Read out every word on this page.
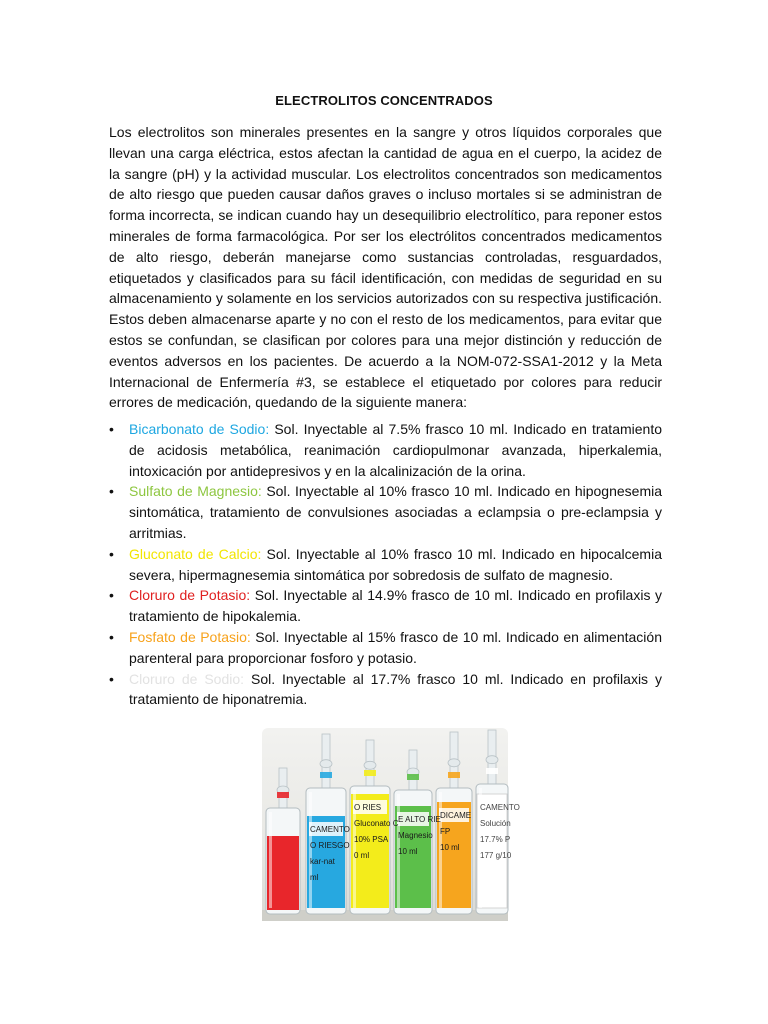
ELECTROLITOS CONCENTRADOS

Los electrolitos son minerales presentes en la sangre y otros líquidos corporales que llevan una carga eléctrica, estos afectan la cantidad de agua en el cuerpo, la acidez de la sangre (pH) y la actividad muscular. Los electrolitos concentrados son medicamentos de alto riesgo que pueden causar daños graves o incluso mortales si se administran de forma incorrecta, se indican cuando hay un desequilibrio electrolítico, para reponer estos minerales de forma farmacológica. Por ser los electrólitos concentrados medicamentos de alto riesgo, deberán manejarse como sustancias controladas, resguardados, etiquetados y clasificados para su fácil identificación, con medidas de seguridad en su almacenamiento y solamente en los servicios autorizados con su respectiva justificación. Estos deben almacenarse aparte y no con el resto de los medicamentos, para evitar que estos se confundan, se clasifican por colores para una mejor distinción y reducción de eventos adversos en los pacientes. De acuerdo a la NOM-072-SSA1-2012 y la Meta Internacional de Enfermería #3, se establece el etiquetado por colores para reducir errores de medicación, quedando de la siguiente manera:

• Bicarbonato de Sodio: Sol. Inyectable al 7.5% frasco 10 ml. Indicado en tratamiento de acidosis metabólica, reanimación cardiopulmonar avanzada, hiperkalemia, intoxicación por antidepresivos y en la alcalinización de la orina.
• Sulfato de Magnesio: Sol. Inyectable al 10% frasco 10 ml. Indicado en hipognesemia sintomática, tratamiento de convulsiones asociadas a eclampsia o pre-eclampsia y arritmias.
• Gluconato de Calcio: Sol. Inyectable al 10% frasco 10 ml. Indicado en hipocalcemia severa, hipermagnesemia sintomática por sobredosis de sulfato de magnesio.
• Cloruro de Potasio: Sol. Inyectable al 14.9% frasco de 10 ml. Indicado en profilaxis y tratamiento de hipokalemia.
• Fosfato de Potasio: Sol. Inyectable al 15% frasco de 10 ml. Indicado en alimentación parenteral para proporcionar fosforo y potasio.
• Cloruro de Sodio: Sol. Inyectable al 17.7% frasco 10 ml. Indicado en profilaxis y tratamiento de hiponatremia.
CAMENTO
O RIESGO
kar-nat
ml
O RIES
Gluconato C
10% PSA
0 ml
E ALTO RIE
Magnesio
10 ml
DICAME
FP
10 ml
CAMENTO
Solución
17.7% P
177 g/10
